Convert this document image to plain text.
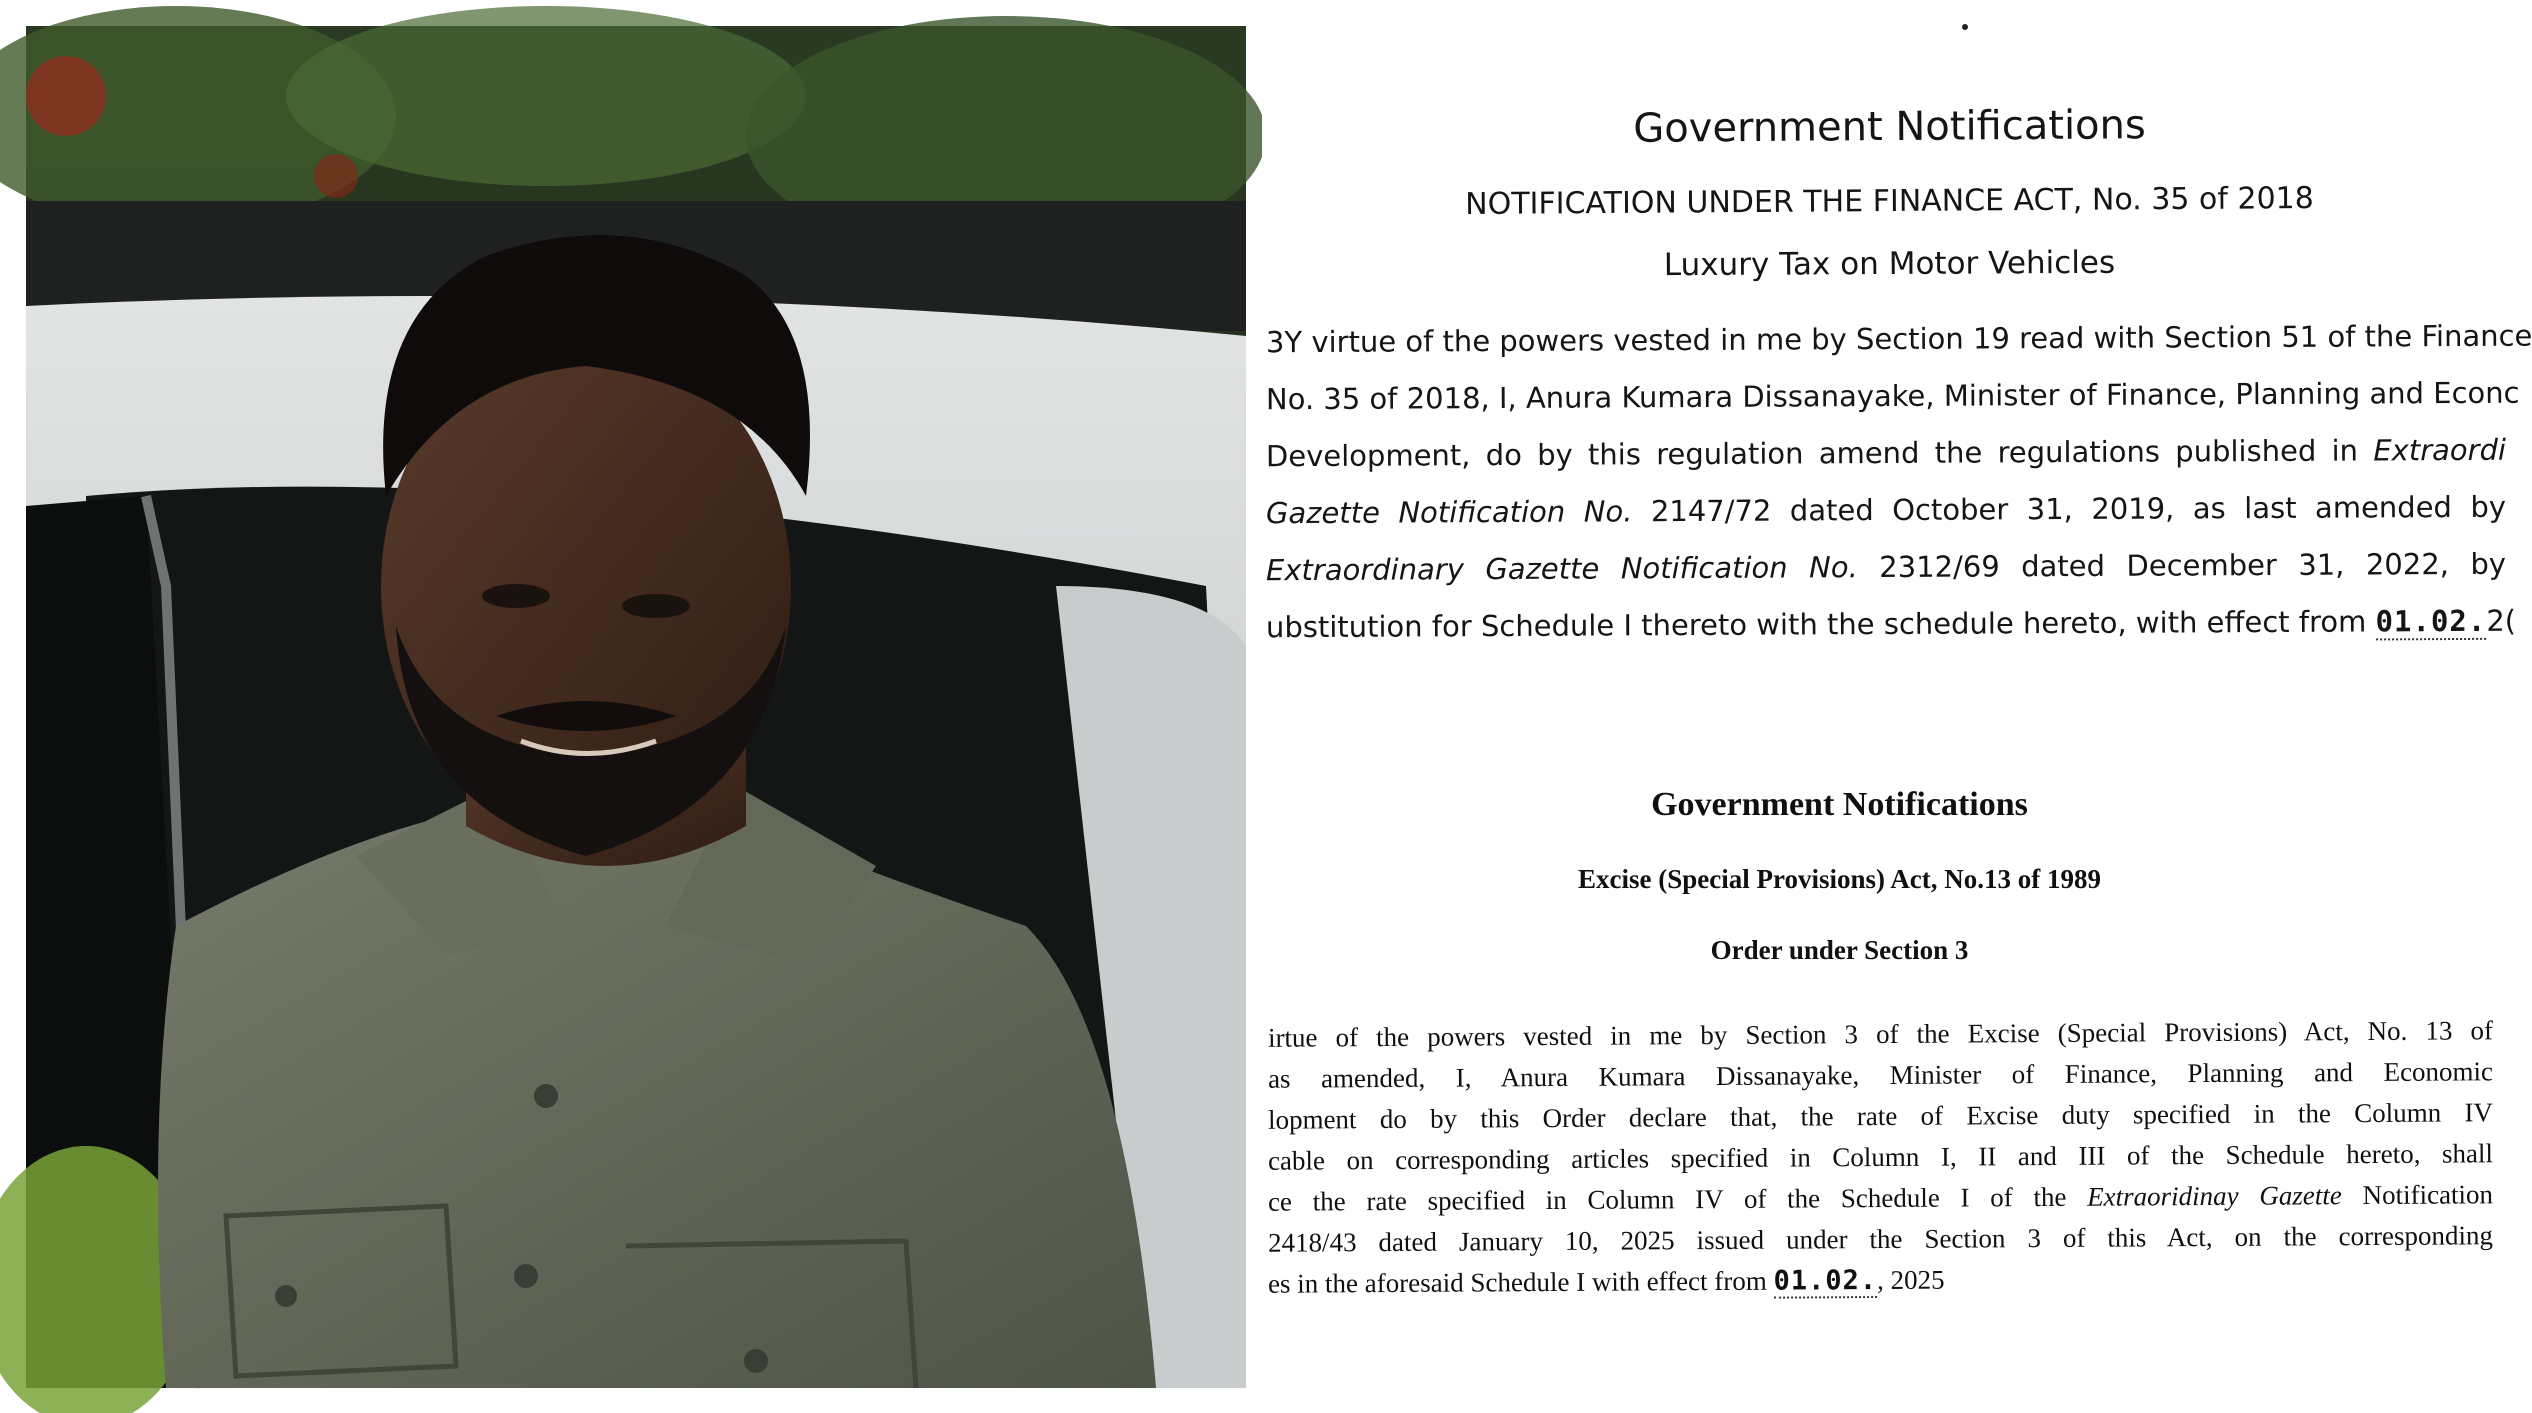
Government Notifications
NOTIFICATION UNDER THE FINANCE ACT, No. 35 of 2018
Luxury Tax on Motor Vehicles
3Y virtue of the powers vested in me by Section 19 read with Section 51 of the Finance
No. 35 of 2018, I, Anura Kumara Dissanayake, Minister of Finance, Planning and Econc
Development, do by this regulation amend the regulations published in Extraordi
Gazette Notification No. 2147/72 dated October 31, 2019, as last amended by
Extraordinary Gazette Notification No. 2312/69 dated December 31, 2022, by
ubstitution for Schedule I thereto with the schedule hereto, with effect from 01.02.2(
Government Notifications
Excise (Special Provisions) Act, No.13 of 1989
Order under Section 3
irtue of the powers vested in me by Section 3 of the Excise (Special Provisions) Act, No. 13 of
as amended, I, Anura Kumara Dissanayake, Minister of Finance, Planning and Economic
lopment do by this Order declare that, the rate of Excise duty specified in the Column IV
cable on corresponding articles specified in Column I, II and III of the Schedule hereto, shall
ce the rate specified in Column IV of the Schedule I of the Extraoridinay Gazette Notification
2418/43 dated January 10, 2025 issued under the Section 3 of this Act, on the corresponding
es in the aforesaid Schedule I with effect from 01.02., 2025
